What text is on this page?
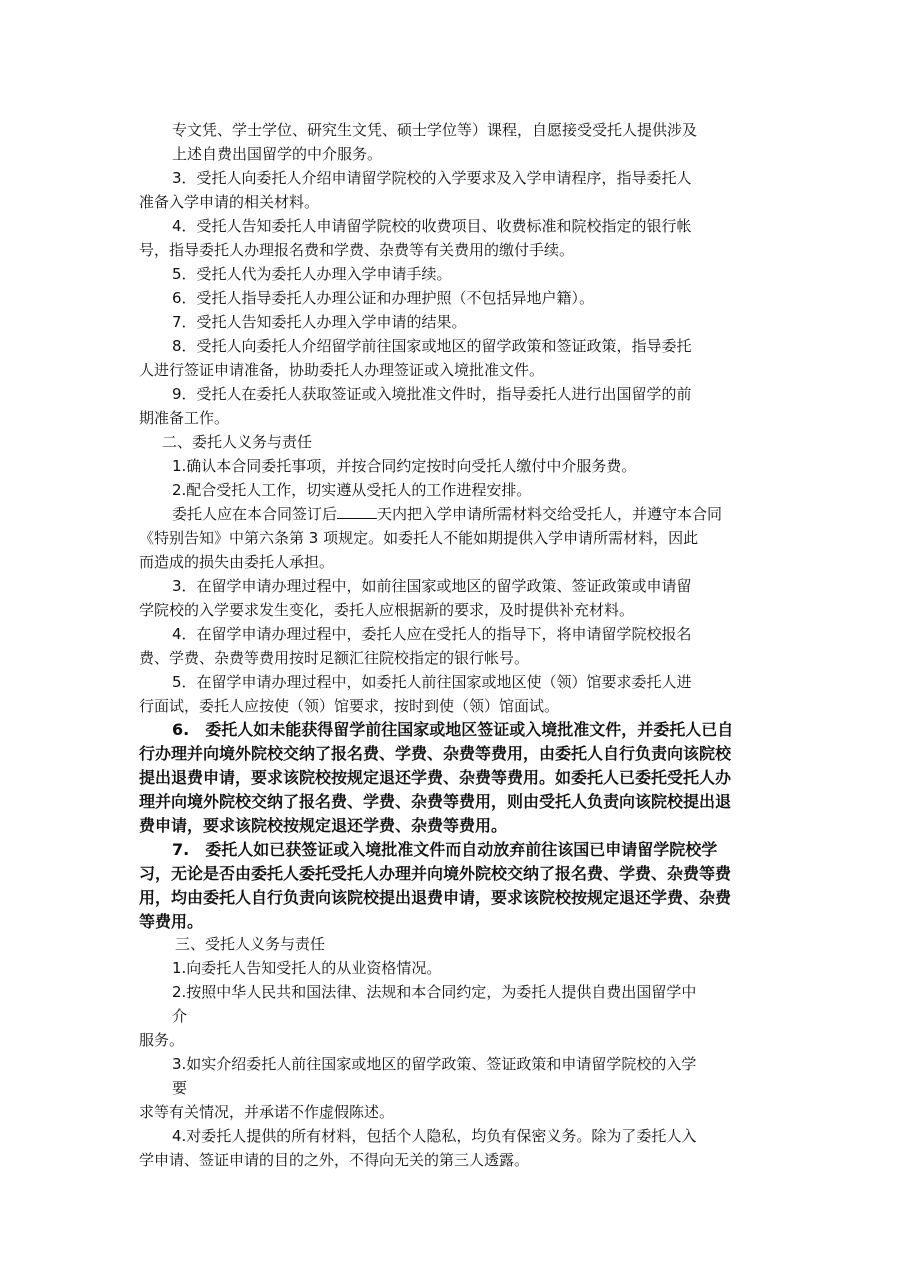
专文凭、学士学位、研究生文凭、硕士学位等）课程，自愿接受受托人提供涉及
上述自费出国留学的中介服务。
3．受托人向委托人介绍申请留学院校的入学要求及入学申请程序，指导委托人
准备入学申请的相关材料。
4．受托人告知委托人申请留学院校的收费项目、收费标准和院校指定的银行帐
号，指导委托人办理报名费和学费、杂费等有关费用的缴付手续。
5．受托人代为委托人办理入学申请手续。
6．受托人指导委托人办理公证和办理护照（不包括异地户籍）。
7．受托人告知委托人办理入学申请的结果。
8．受托人向委托人介绍留学前往国家或地区的留学政策和签证政策，指导委托
人进行签证申请准备，协助委托人办理签证或入境批准文件。
9．受托人在委托人获取签证或入境批准文件时，指导委托人进行出国留学的前
期准备工作。
二、委托人义务与责任
1.确认本合同委托事项，并按合同约定按时向受托人缴付中介服务费。
2.配合受托人工作，切实遵从受托人的工作进程安排。
委托人应在本合同签订后	天内把入学申请所需材料交给受托人，并遵守本合同
《特别告知》中第六条第 3 项规定。如委托人不能如期提供入学申请所需材料，因此
而造成的损失由委托人承担。
3．在留学申请办理过程中，如前往国家或地区的留学政策、签证政策或申请留
学院校的入学要求发生变化，委托人应根据新的要求，及时提供补充材料。
4．在留学申请办理过程中，委托人应在受托人的指导下，将申请留学院校报名
费、学费、杂费等费用按时足额汇往院校指定的银行帐号。
5．在留学申请办理过程中，如委托人前往国家或地区使（领）馆要求委托人进
行面试，委托人应按使（领）馆要求，按时到使（领）馆面试。
6.　委托人如未能获得留学前往国家或地区签证或入境批准文件，并委托人已自
行办理并向境外院校交纳了报名费、学费、杂费等费用，由委托人自行负责向该院校
提出退费申请，要求该院校按规定退还学费、杂费等费用。如委托人已委托受托人办
理并向境外院校交纳了报名费、学费、杂费等费用，则由受托人负责向该院校提出退
费申请，要求该院校按规定退还学费、杂费等费用。
7.　委托人如已获签证或入境批准文件而自动放弃前往该国已申请留学院校学
习，无论是否由委托人委托受托人办理并向境外院校交纳了报名费、学费、杂费等费
用，均由委托人自行负责向该院校提出退费申请，要求该院校按规定退还学费、杂费
等费用。
三、受托人义务与责任
1.向委托人告知受托人的从业资格情况。
2.按照中华人民共和国法律、法规和本合同约定，为委托人提供自费出国留学中
介
服务。
3.如实介绍委托人前往国家或地区的留学政策、签证政策和申请留学院校的入学
要
求等有关情况，并承诺不作虚假陈述。
4.对委托人提供的所有材料，包括个人隐私，均负有保密义务。除为了委托人入
学申请、签证申请的目的之外，不得向无关的第三人透露。
